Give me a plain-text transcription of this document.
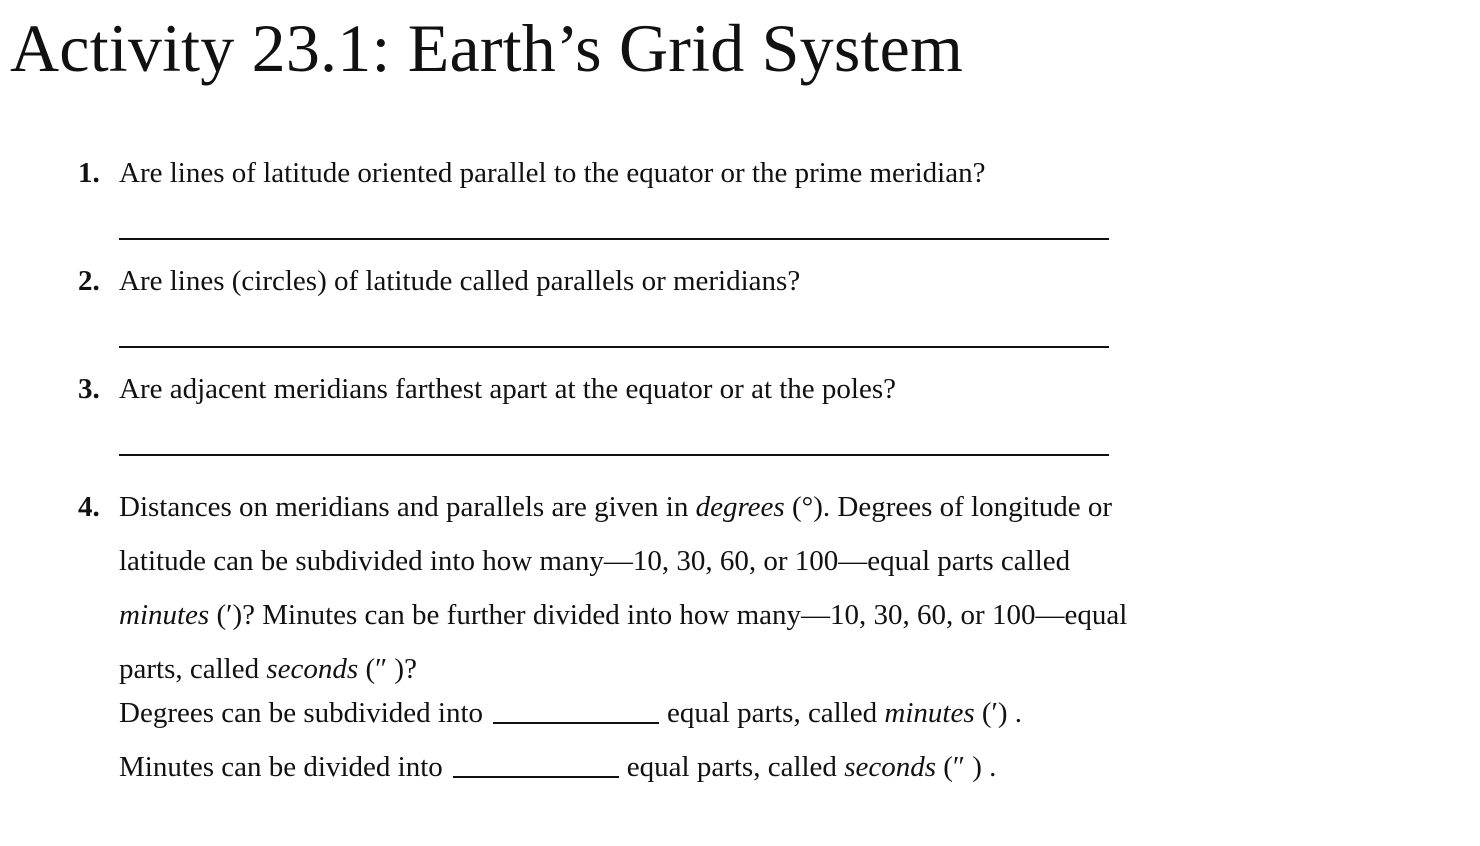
Activity 23.1: Earth’s Grid System
1. Are lines of latitude oriented parallel to the equator or the prime meridian?
2. Are lines (circles) of latitude called parallels or meridians?
3. Are adjacent meridians farthest apart at the equator or at the poles?
4. Distances on meridians and parallels are given in degrees (°). Degrees of longitude or
latitude can be subdivided into how many—10, 30, 60, or 100—equal parts called
minutes (′)? Minutes can be further divided into how many—10, 30, 60, or 100—equal
parts, called seconds (″ )?
Degrees can be subdivided into	equal parts, called minutes (′) .
Minutes can be divided into	equal parts, called seconds (″ ) .
